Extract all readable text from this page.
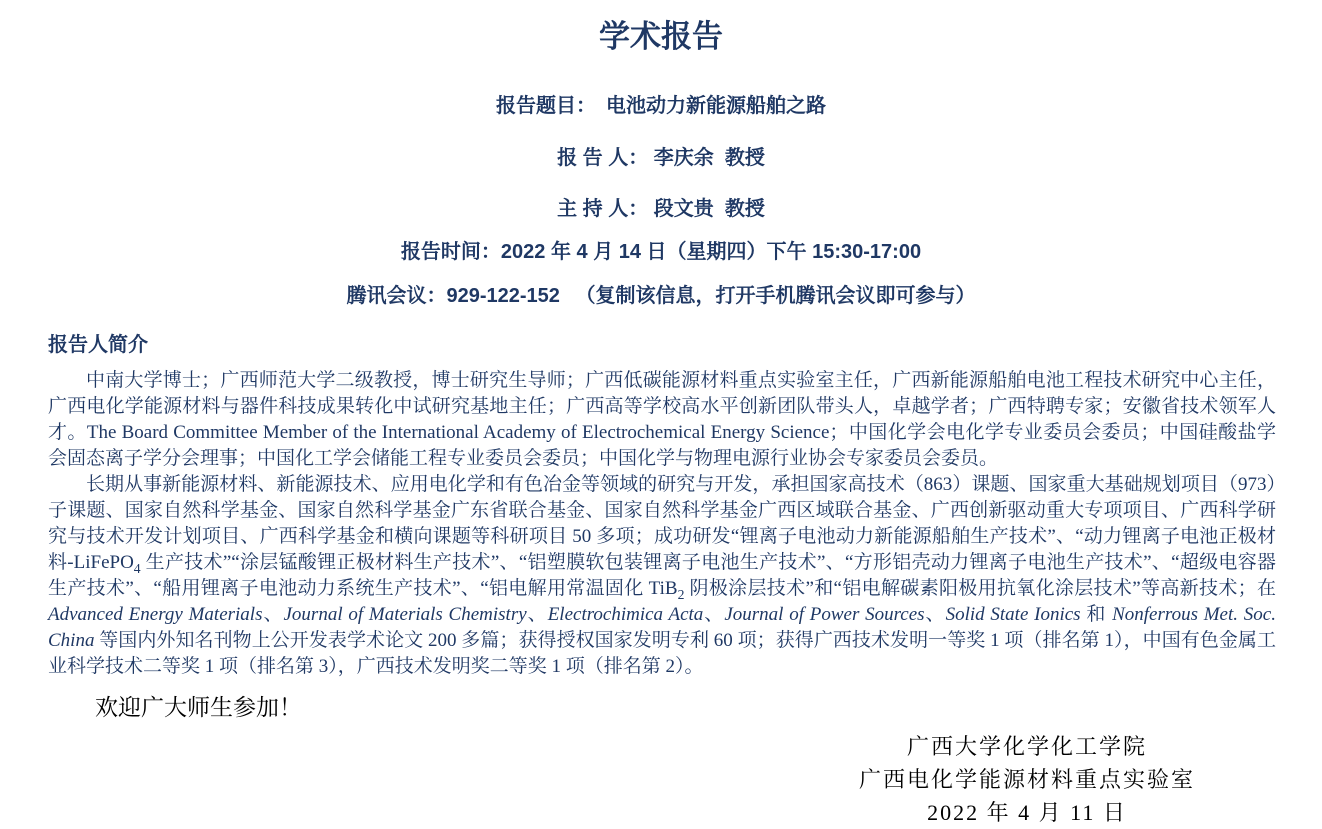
学术报告
报告题目：　电池动力新能源船舶之路
报 告 人： 李庆余  教授
主 持 人： 段文贵  教授
报告时间：2022 年 4 月 14 日（星期四）下午 15:30-17:00
腾讯会议：929-122-152 　（复制该信息，打开手机腾讯会议即可参与）
报告人简介

中南大学博士；广西师范大学二级教授，博士研究生导师；广西低碳能源材料重点实验室主任，广西新能源船舶电池工程技术研究中心主任，广西电化学能源材料与器件科技成果转化中试研究基地主任；广西高等学校高水平创新团队带头人，卓越学者；广西特聘专家；安徽省技术领军人才。The Board Committee Member of the International Academy of Electrochemical Energy Science；中国化学会电化学专业委员会委员；中国硅酸盐学会固态离子学分会理事；中国化工学会储能工程专业委员会委员；中国化学与物理电源行业协会专家委员会委员。

长期从事新能源材料、新能源技术、应用电化学和有色冶金等领域的研究与开发，承担国家高技术（863）课题、国家重大基础规划项目（973）子课题、国家自然科学基金、国家自然科学基金广东省联合基金、国家自然科学基金广西区域联合基金、广西创新驱动重大专项项目、广西科学研究与技术开发计划项目、广西科学基金和横向课题等科研项目 50 多项；成功研发“锂离子电池动力新能源船舶生产技术”、“动力锂离子电池正极材料-LiFePO$_4$ 生产技术”“涂层锰酸锂正极材料生产技术”、“铝塑膜软包装锂离子电池生产技术”、“方形铝壳动力锂离子电池生产技术”、“超级电容器生产技术”、“船用锂离子电池动力系统生产技术”、“铝电解用常温固化 TiB$_2$ 阴极涂层技术”和“铝电解碳素阳极用抗氧化涂层技术”等高新技术；在 Advanced Energy Materials、Journal of Materials Chemistry、Electrochimica Acta、Journal of Power Sources、Solid State Ionics 和 Nonferrous Met. Soc. China 等国内外知名刊物上公开发表学术论文 200 多篇；获得授权国家发明专利 60 项；获得广西技术发明一等奖 1 项（排名第 1），中国有色金属工业科学技术二等奖 1 项（排名第 3），广西技术发明奖二等奖 1 项（排名第 2）。

欢迎广大师生参加！
广西大学化学化工学院
广西电化学能源材料重点实验室
2022 年 4 月 11 日
